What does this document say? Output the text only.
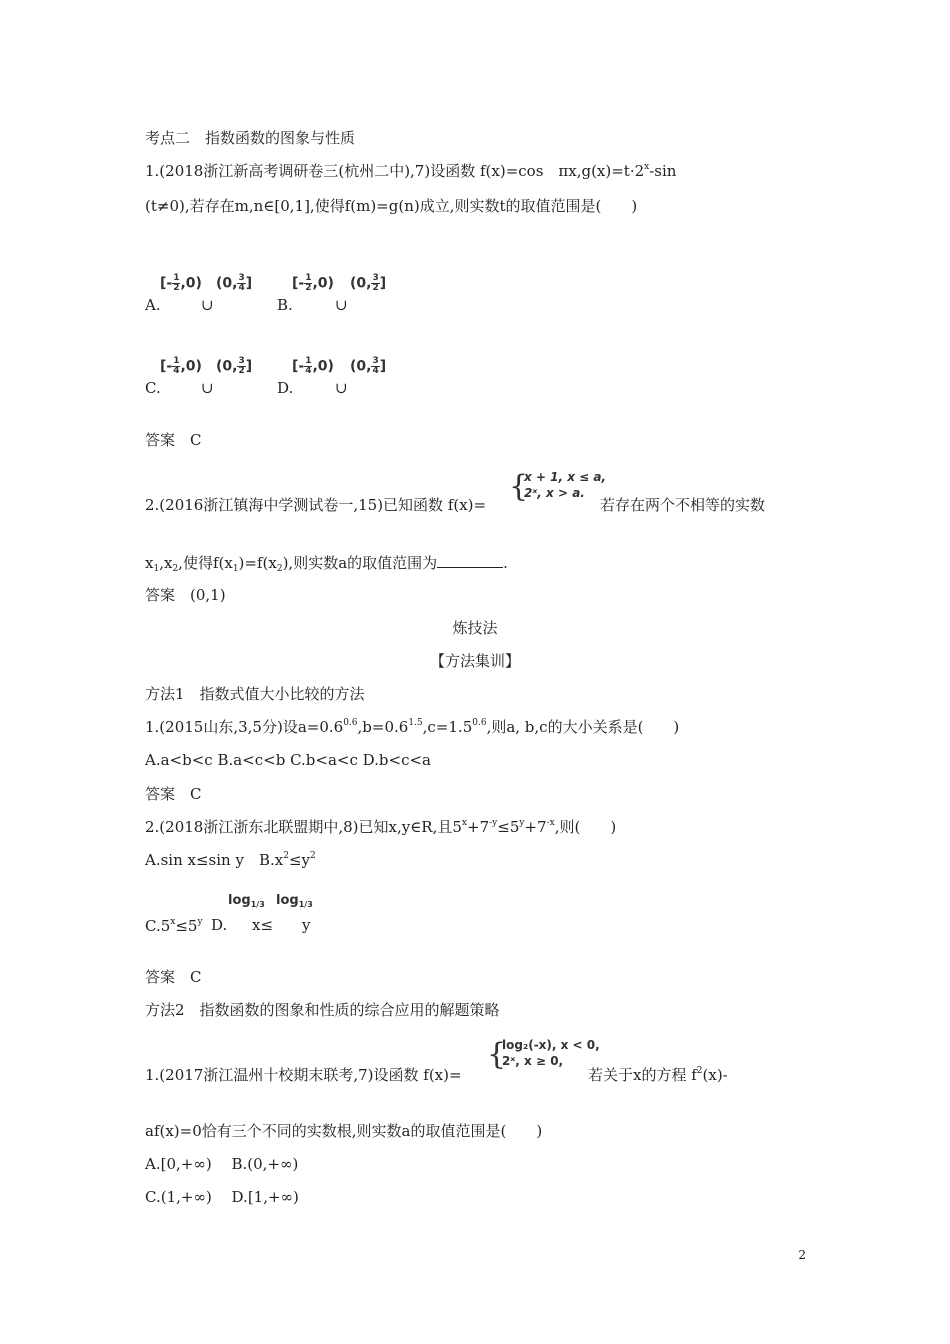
考点二　指数函数的图象与性质
1.(2018浙江新高考调研卷三(杭州二中),7)设函数 f(x)=cos　$\pi x,g(x)=t\cdot 2^x-\sin$
(t≠0),若存在m,n∈[0,1],使得f(m)=g(n)成立,则实数t的取值范围是(　　)
A.
[- $\frac{1}{2} ,0$)
∪
(0, $\frac{3}{4}$ ]
B.
[- $\frac{1}{2} ,0$)
∪
(0, $\frac{3}{2}$ ]
C.
[- $\frac{1}{4} ,0$)
∪
(0, $\frac{3}{2}$ ]
D.
[- $\frac{1}{4} ,0$)
∪
(0, $\frac{3}{4}$ ]
答案　C
2.(2016浙江镇海中学测试卷一,15)已知函数 f(x)=
{
x + 1, x ≤ a,
2ˣ, x > a.
若存在两个不相等的实数
$x_1,x_2$,使得$f(x_1)=f(x_2)$,则实数a的取值范围为	.
答案　(0,1)
炼技法
【方法集训】
方法1　指数式值大小比较的方法
1.(2015山东,3,5分)设$a=0.6^{0.6},b=0.6^{1.5},c=1.5^{0.6}$,则a, b,c的大小关系是(　　)
A.a<b<c B.a<c<b C.b<a<c D.b<c<a
答案　C
2.(2018浙江浙东北联盟期中,8)已知x,y∈R,且$5^x+7^{-y}\le 5^y+7^{-x}$,则(　　)
A.sin x≤sin y　$B.x^2\le y^2$
$C.5^x\le 5^y$ D.
$\log_{1/3}$
x≤
$\log_{1/3}$
y
答案　C
方法2　指数函数的图象和性质的综合应用的解题策略
1.(2017浙江温州十校期末联考,7)设函数 f(x)=
{
log₂(-x), x < 0,
2ˣ, x ≥ 0,
若关于x的方程 $f^2(x)-$
af(x)=0恰有三个不同的实数根,则实数a的取值范围是(　　)
A.[0,+∞)　 B.(0,+∞)
C.(1,+∞)　 D.[1,+∞)
2
